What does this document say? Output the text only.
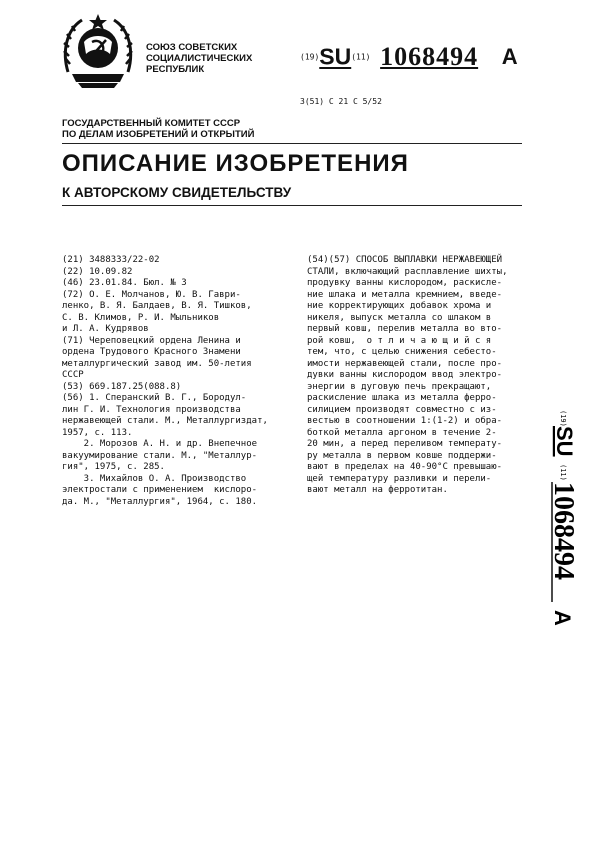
СОЮЗ СОВЕТСКИХ
СОЦИАЛИСТИЧЕСКИХ
РЕСПУБЛИК
(19)SU(11) 1068494 A
3(51) C 21 C 5/52
ГОСУДАРСТВЕННЫЙ КОМИТЕТ СССР
ПО ДЕЛАМ ИЗОБРЕТЕНИЙ И ОТКРЫТИЙ
ОПИСАНИЕ ИЗОБРЕТЕНИЯ
К АВТОРСКОМУ СВИДЕТЕЛЬСТВУ
(21) 3488333/22-02
(22) 10.09.82
(46) 23.01.84. Бюл. № 3
(72) О. Е. Молчанов, Ю. В. Гаври-
ленко, В. Я. Балдаев, В. Я. Тишков,
С. В. Климов, Р. И. Мыльников
и Л. А. Кудрявов
(71) Череповецкий ордена Ленина и
ордена Трудового Красного Знамени
металлургический завод им. 50-летия
СССР
(53) 669.187.25(088.8)
(56) 1. Сперанский В. Г., Бородул-
лин Г. И. Технология производства
нержавеющей стали. М., Металлургиздат,
1957, с. 113.
2. Морозов А. Н. и др. Внепечное
вакуумирование стали. М., "Металлур-
гия", 1975, с. 285.
3. Михайлов О. А. Производство
электростали с применением  кислоро-
да. М., "Металлургия", 1964, с. 180.
(54)(57) СПОСОБ ВЫПЛАВКИ НЕРЖАВЕЮЩЕЙ
СТАЛИ, включающий расплавление шихты,
продувку ванны кислородом, раскисле-
ние шлака и металла кремнием, введе-
ние корректирующих добавок хрома и
никеля, выпуск металла со шлаком в
первый ковш, перелив металла во вто-
рой ковш,  о т л и ч а ю щ и й с я
тем, что, с целью снижения себесто-
имости нержавеющей стали, после про-
дувки ванны кислородом ввод электро-
энергии в дуговую печь прекращают,
раскисление шлака из металла ферро-
силицием производят совместно с из-
вестью в соотношении 1:(1-2) и обра-
боткой металла аргоном в течение 2-
20 мин, а перед переливом температу-
ру металла в первом ковше поддержи-
вают в пределах на 40-90°С превышаю-
щей температуру разливки и перели-
вают металл на ферротитан.
(19)
SU
(11)
1068494
A
